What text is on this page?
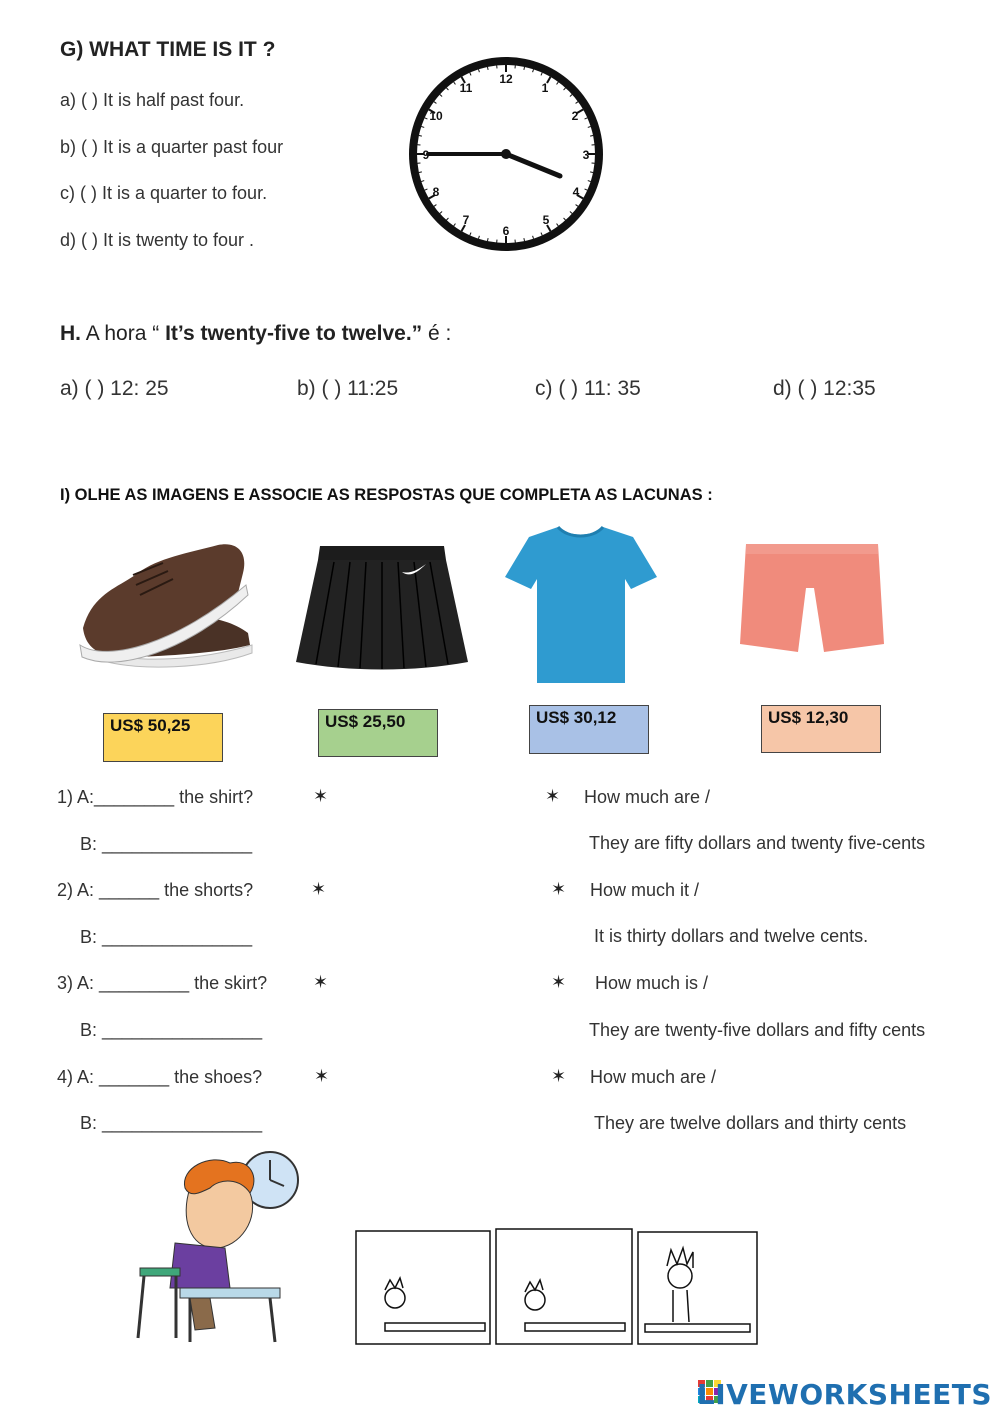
G) WHAT TIME IS IT ?
a) ( ) It is half past four.
b) ( ) It is a quarter past four
c) ( ) It is a quarter to four.
d) ( ) It is twenty to four .
12
1
2
3
4
5
6
7
8
9
10
11
H. A hora “ It’s twenty-five to twelve.” é :
a) ( ) 12: 25	b) ( ) 11:25	c) ( ) 11: 35	d) ( ) 12:35
I) OLHE AS IMAGENS E ASSOCIE AS RESPOSTAS QUE COMPLETA AS LACUNAS :
US$ 50,25	US$ 25,50	US$ 30,12	US$ 12,30
1) A:________ the shirt?
B: _______________
2) A: ______ the shorts?
B: _______________
3) A: _________ the skirt?
B: ________________
4) A: _______ the shoes?
B: ________________
✶
✶
✶
✶
✶
✶
✶
✶
How much are /
They are fifty dollars and twenty five-cents
How much it /
It is thirty dollars and twelve cents.
How much is /
They are twenty-five dollars and fifty cents
How much are /
They are twelve dollars and thirty cents
LIVEWORKSHEETS
